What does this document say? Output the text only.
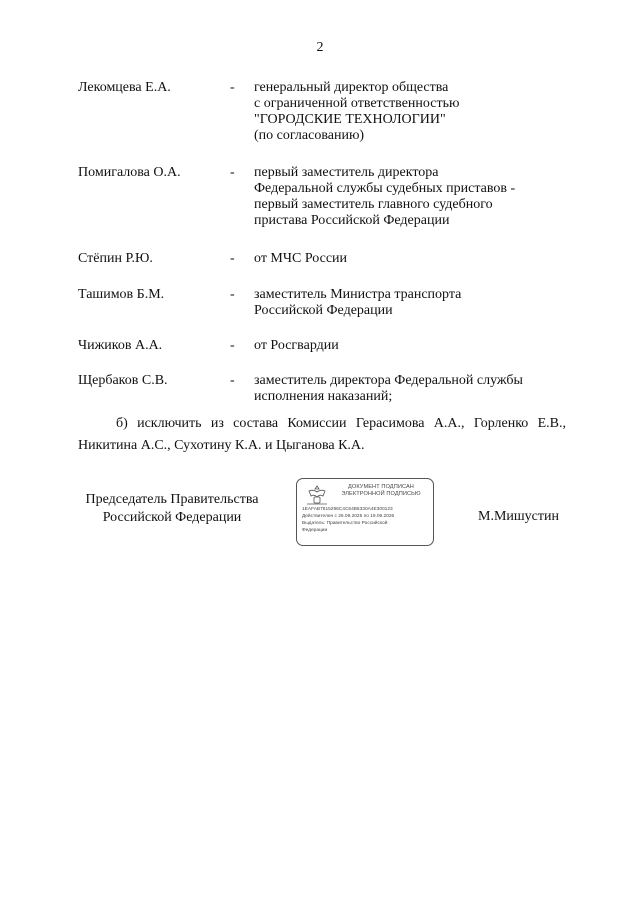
2
Лекомцева Е.А.	- генеральный директор общества
с ограниченной ответственностью
"ГОРОДСКИЕ ТЕХНОЛОГИИ"
(по согласованию)
Помигалова О.А.	- первый заместитель директора
Федеральной службы судебных приставов -
первый заместитель главного судебного
пристава Российской Федерации
Стёпин Р.Ю.	- от МЧС России
Ташимов Б.М.	- заместитель Министра транспорта
Российской Федерации
Чижиков А.А.	- от Росгвардии
Щербаков С.В.	- заместитель директора Федеральной службы
исполнения наказаний;
б) исключить из состава Комиссии Герасимова А.А., Горленко Е.В.,
Никитина А.С., Сухотину К.А. и Цыганова К.А.
Председатель Правительства
Российской Федерации
ДОКУМЕНТ ПОДПИСАН
ЭЛЕКТРОННОЙ ПОДПИСЬЮ
1EAFAB7815296C4C64B5330A4E300123
Действителен с 26.09.2025 по 19.09.2026
Выдатель: Правительство Российской
Федерации
М.Мишустин
